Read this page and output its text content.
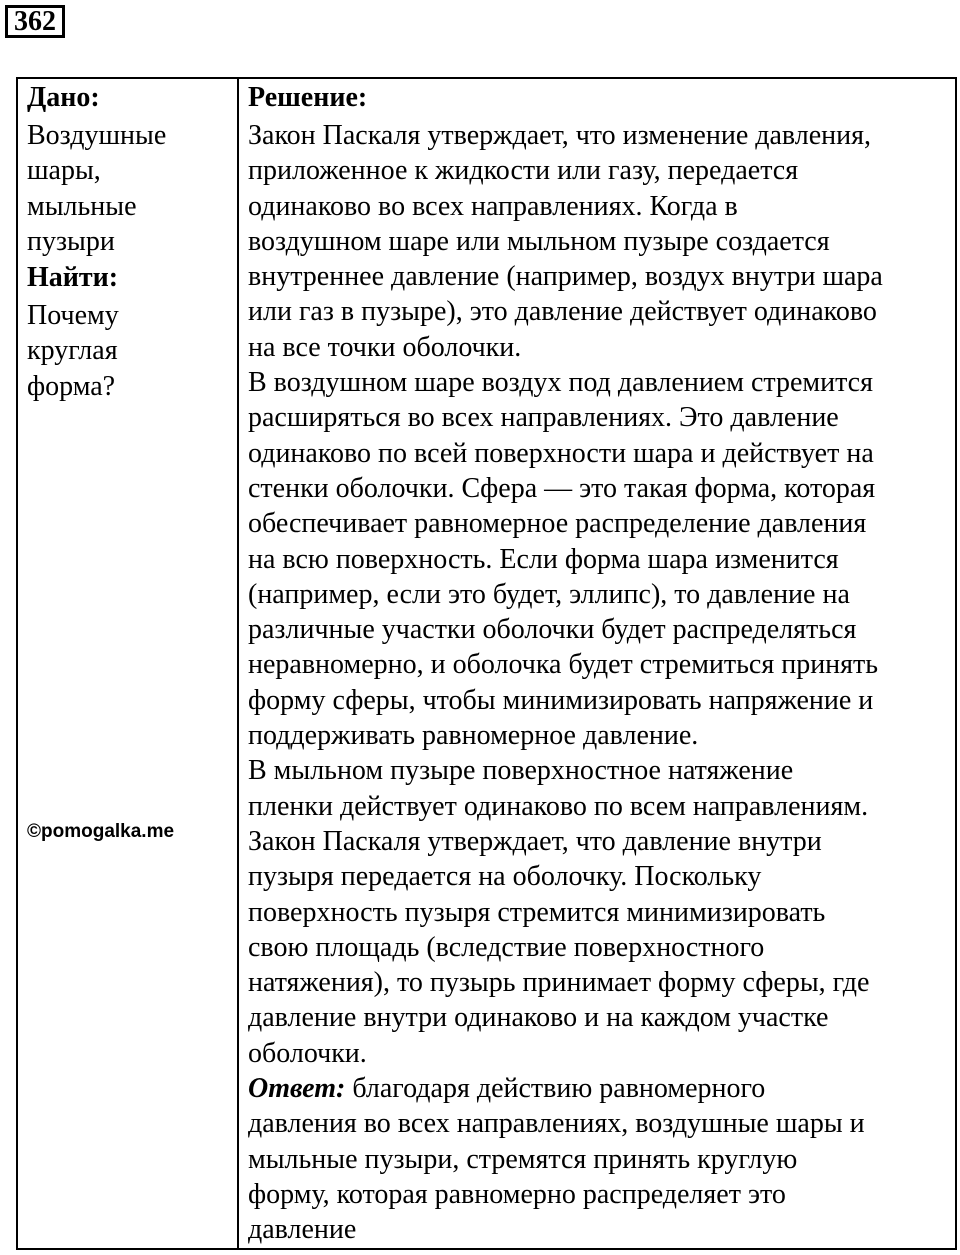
362
Дано:
Воздушные
шары,
мыльные
пузыри
Найти:
Почему
круглая
форма?
©pomogalka.me
Решение:

Закон Паскаля утверждает, что изменение давления,
приложенное к жидкости или газу, передается
одинаково во всех направлениях. Когда в
воздушном шаре или мыльном пузыре создается
внутреннее давление (например, воздух внутри шара
или газ в пузыре), это давление действует одинаково
на все точки оболочки.

В воздушном шаре воздух под давлением стремится
расширяться во всех направлениях. Это давление
одинаково по всей поверхности шара и действует на
стенки оболочки. Сфера — это такая форма, которая
обеспечивает равномерное распределение давления
на всю поверхность. Если форма шара изменится
(например, если это будет, эллипс), то давление на
различные участки оболочки будет распределяться
неравномерно, и оболочка будет стремиться принять
форму сферы, чтобы минимизировать напряжение и
поддерживать равномерное давление.

В мыльном пузыре поверхностное натяжение
пленки действует одинаково по всем направлениям.
Закон Паскаля утверждает, что давление внутри
пузыря передается на оболочку. Поскольку
поверхность пузыря стремится минимизировать
свою площадь (вследствие поверхностного
натяжения), то пузырь принимает форму сферы, где
давление внутри одинаково и на каждом участке
оболочки.

Ответ: благодаря действию равномерного
давления во всех направлениях, воздушные шары и
мыльные пузыри, стремятся принять круглую
форму, которая равномерно распределяет это
давление
